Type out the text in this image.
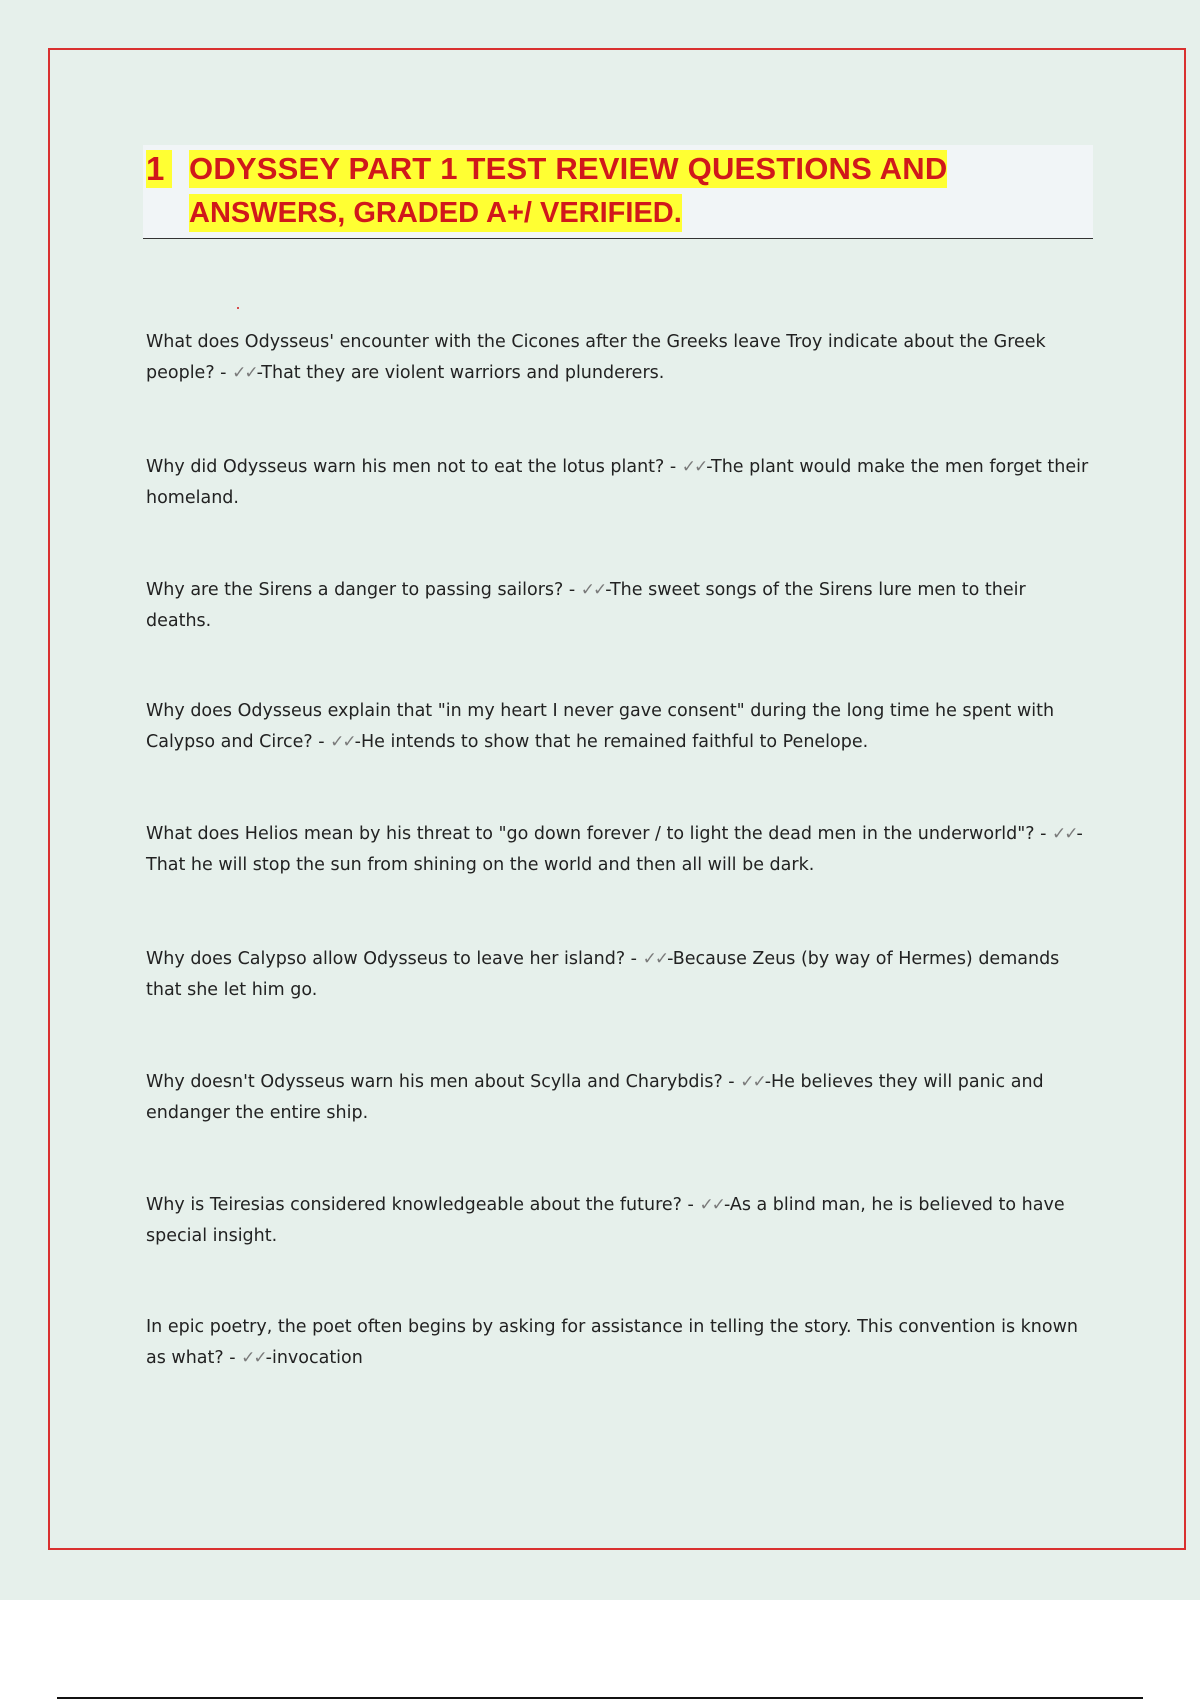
1 ODYSSEY PART 1 TEST REVIEW QUESTIONS AND
ANSWERS, GRADED A+/ VERIFIED.
What does Odysseus' encounter with the Cicones after the Greeks leave Troy indicate about the Greek people? - ✓✓-That they are violent warriors and plunderers.
Why did Odysseus warn his men not to eat the lotus plant? - ✓✓-The plant would make the men forget their homeland.
Why are the Sirens a danger to passing sailors? - ✓✓-The sweet songs of the Sirens lure men to their deaths.
Why does Odysseus explain that "in my heart I never gave consent" during the long time he spent with Calypso and Circe? - ✓✓-He intends to show that he remained faithful to Penelope.
What does Helios mean by his threat to "go down forever / to light the dead men in the underworld"? - ✓✓-That he will stop the sun from shining on the world and then all will be dark.
Why does Calypso allow Odysseus to leave her island? - ✓✓-Because Zeus (by way of Hermes) demands that she let him go.
Why doesn't Odysseus warn his men about Scylla and Charybdis? - ✓✓-He believes they will panic and endanger the entire ship.
Why is Teiresias considered knowledgeable about the future? - ✓✓-As a blind man, he is believed to have special insight.
In epic poetry, the poet often begins by asking for assistance in telling the story. This convention is known as what? - ✓✓-invocation
